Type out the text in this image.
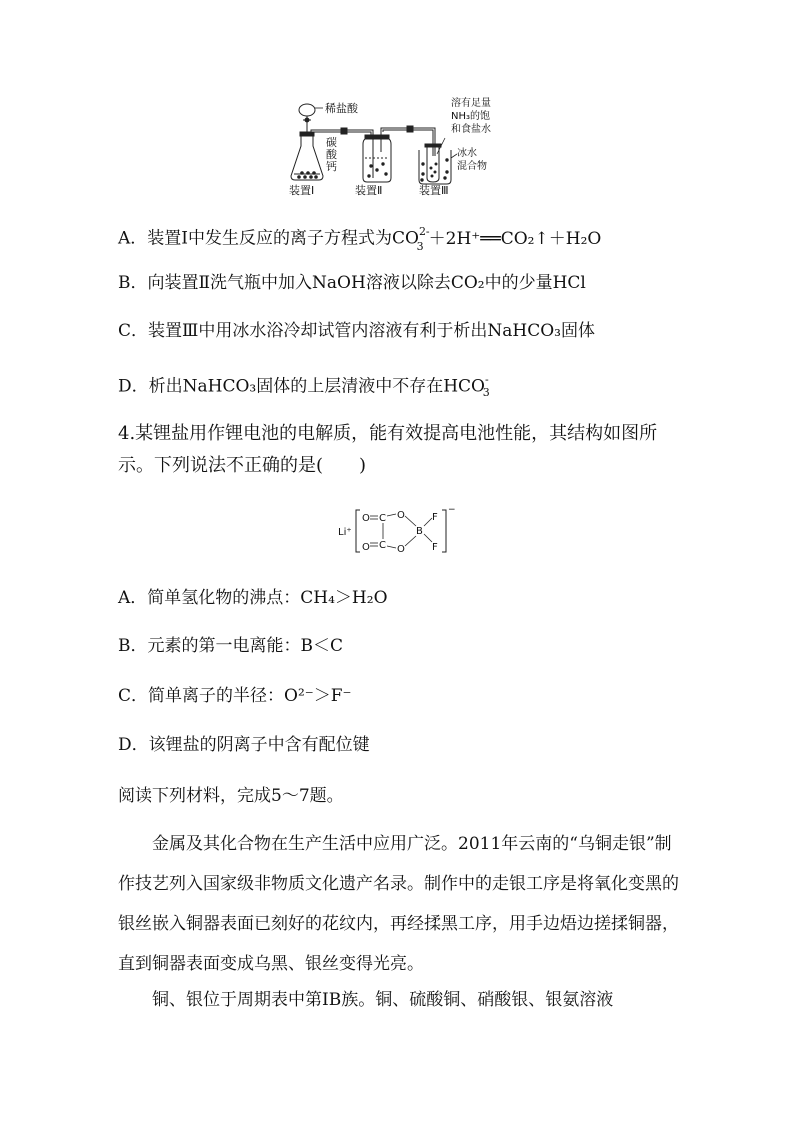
稀盐酸
碳
酸
钙
溶有足量
NH₃的饱
和食盐水
冰水
混合物
装置Ⅰ	装置Ⅱ	装置Ⅲ
A．装置Ⅰ中发生反应的离子方程式为$CO^{2-}_3$ ＋2H⁺══CO₂↑＋H₂O
B．向装置Ⅱ洗气瓶中加入NaOH溶液以除去CO₂中的少量HCl
C．装置Ⅲ中用冰水浴冷却试管内溶液有利于析出NaHCO₃固体
D．析出NaHCO₃固体的上层清液中不存在$HCO^-_3$
4.某锂盐用作锂电池的电解质，能有效提高电池性能，其结构如图所
示。下列说法不正确的是(　　)
Li⁺
−
O C O
B
F
F
O C O
A．简单氢化物的沸点：CH₄＞H₂O
B．元素的第一电离能：B＜C
C．简单离子的半径：O²⁻＞F⁻
D．该锂盐的阴离子中含有配位键
阅读下列材料，完成5～7题。
金属及其化合物在生产生活中应用广泛。2011年云南的“乌铜走银”制作技艺列入国家级非物质文化遗产名录。制作中的走银工序是将氧化变黑的银丝嵌入铜器表面已刻好的花纹内，再经揉黑工序，用手边焐边搓揉铜器，直到铜器表面变成乌黑、银丝变得光亮。
铜、银位于周期表中第ⅠB族。铜、硫酸铜、硝酸银、银氨溶液
